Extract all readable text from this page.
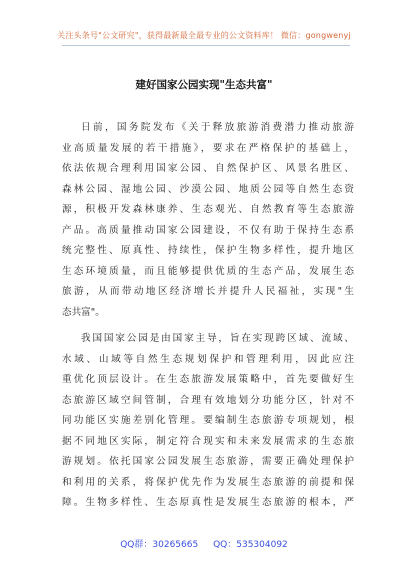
关注头条号"公文研究"，获得最新最全最专业的公文资料库！ 微信：gongwenyj
建好国家公园实现"生态共富"
日前，国务院发布《关于释放旅游消费潜力推动旅游
业高质量发展的若干措施》，要求在严格保护的基础上，
依法依规合理利用国家公园、自然保护区、风景名胜区、
森林公园、湿地公园、沙漠公园、地质公园等自然生态资
源，积极开发森林康养、生态观光、自然教育等生态旅游
产品。高质量推动国家公园建设，不仅有助于保持生态系
统完整性、原真性、持续性，保护生物多样性，提升地区
生态环境质量，而且能够提供优质的生态产品，发展生态
旅游，从而带动地区经济增长并提升人民福祉，实现"生
态共富"。
我国国家公园是由国家主导，旨在实现跨区域、流域、
水域、山域等自然生态规划保护和管理利用，因此应注
重优化顶层设计。在生态旅游发展策略中，首先要做好生
态旅游区域空间管制，合理有效地划分功能分区，针对不
同功能区实施差别化管理。要编制生态旅游专项规划，根
据不同地区实际，制定符合现实和未来发展需求的生态旅
游规划。依托国家公园发展生态旅游，需要正确处理保护
和利用的关系，将保护优先作为发展生态旅游的前提和保
障。生物多样性、生态原真性是发展生态旅游的根本，严
QQ群：30265665 QQ：535304092
